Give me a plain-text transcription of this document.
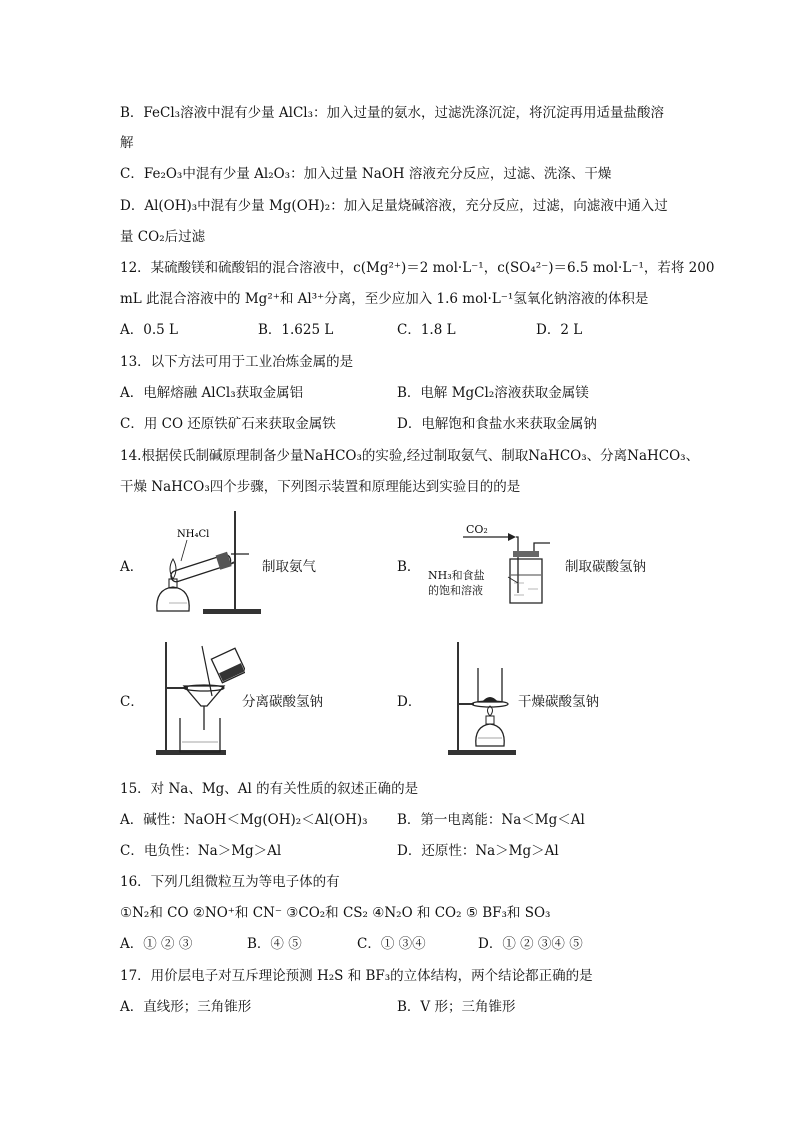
B．FeCl₃溶液中混有少量 AlCl₃：加入过量的氨水，过滤洗涤沉淀，将沉淀再用适量盐酸溶
解
C．Fe₂O₃中混有少量 Al₂O₃：加入过量 NaOH 溶液充分反应，过滤、洗涤、干燥
D．Al(OH)₃中混有少量 Mg(OH)₂：加入足量烧碱溶液，充分反应，过滤，向滤液中通入过
量 CO₂后过滤
12．某硫酸镁和硫酸铝的混合溶液中，c(Mg²⁺)＝2 mol·L⁻¹，c(SO₄²⁻)＝6.5 mol·L⁻¹，若将 200
mL 此混合溶液中的 Mg²⁺和 Al³⁺分离，至少应加入 1.6 mol·L⁻¹氢氧化钠溶液的体积是
A．0.5 L	B．1.625 L	C．1.8 L	D．2 L
13．以下方法可用于工业冶炼金属的是
A．电解熔融 AlCl₃获取金属铝	B．电解 MgCl₂溶液获取金属镁
C．用 CO 还原铁矿石来获取金属铁	D．电解饱和食盐水来获取金属钠
14.根据侯氏制碱原理制备少量NaHCO₃的实验,经过制取氨气、制取NaHCO₃、分离NaHCO₃、
干燥 NaHCO₃四个步骤，下列图示装置和原理能达到实验目的的是
A．
NH₄Cl
制取氨气	B．
CO₂
NH₃和食盐
的饱和溶液
制取碳酸氢钠
C．	分离碳酸氢钠	D．	干燥碳酸氢钠
15．对 Na、Mg、Al 的有关性质的叙述正确的是
A．碱性：NaOH＜Mg(OH)₂＜Al(OH)₃ B．第一电离能：Na＜Mg＜Al
C．电负性：Na＞Mg＞Al	D．还原性：Na＞Mg＞Al
16．下列几组微粒互为等电子体的有
①N₂和 CO ②NO⁺和 CN⁻ ③CO₂和 CS₂ ④N₂O 和 CO₂ ⑤ BF₃和 SO₃
A．① ② ③	B．④ ⑤	C．① ③④	D．① ② ③④ ⑤
17．用价层电子对互斥理论预测 H₂S 和 BF₃的立体结构，两个结论都正确的是
A．直线形；三角锥形	B．V 形；三角锥形
